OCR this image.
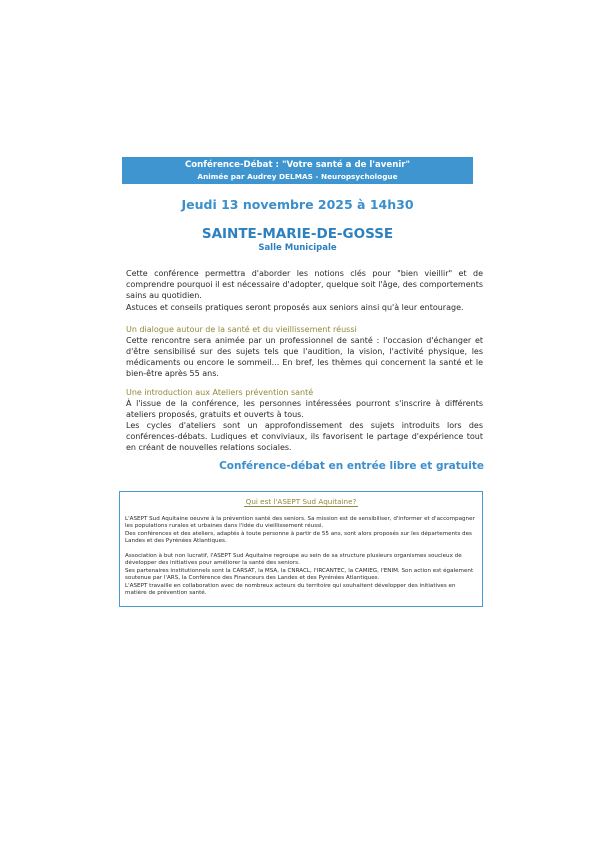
Conférence-Débat : "Votre santé a de l'avenir"
Animée par Audrey DELMAS - Neuropsychologue
Jeudi 13 novembre 2025 à 14h30
SAINTE-MARIE-DE-GOSSE
Salle Municipale
Cette conférence permettra d'aborder les notions clés pour "bien vieillir" et de comprendre pourquoi il est nécessaire d'adopter, quelque soit l'âge, des comportements sains au quotidien.
Astuces et conseils pratiques seront proposés aux seniors ainsi qu'à leur entourage.
Un dialogue autour de la santé et du vieillissement réussi
Cette rencontre sera animée par un professionnel de santé : l'occasion d'échanger et d'être sensibilisé sur des sujets tels que l'audition, la vision, l'activité physique, les médicaments ou encore le sommeil... En bref, les thèmes qui concernent la santé et le bien-être après 55 ans.
Une introduction aux Ateliers prévention santé
À l'issue de la conférence, les personnes intéressées pourront s'inscrire à différents ateliers proposés, gratuits et ouverts à tous.
Les cycles d'ateliers sont un approfondissement des sujets introduits lors des conférences-débats. Ludiques et conviviaux, ils favorisent le partage d'expérience tout en créant de nouvelles relations sociales.
Conférence-débat en entrée libre et gratuite
Qui est l'ASEPT Sud Aquitaine?
L'ASEPT Sud Aquitaine oeuvre à la prévention santé des seniors. Sa mission est de sensibiliser, d'informer et d'accompagner les populations rurales et urbaines dans l'idée du vieillissement réussi.
Des conférences et des ateliers, adaptés à toute personne à partir de 55 ans, sont alors proposés sur les départements des Landes et des Pyrénées Atlantiques.
Association à but non lucratif, l'ASEPT Sud Aquitaine regroupe au sein de sa structure plusieurs organismes soucieux de développer des initiatives pour améliorer la santé des seniors.
Ses partenaires institutionnels sont la CARSAT, la MSA, la CNRACL, l'IRCANTEC, la CAMIEG, l'ENIM. Son action est également soutenue par l'ARS, la Conférence des Financeurs des Landes et des Pyrénées Atlantiques.
L'ASEPT travaille en collaboration avec de nombreux acteurs du territoire qui souhaitent développer des initiatives en matière de prévention santé.
